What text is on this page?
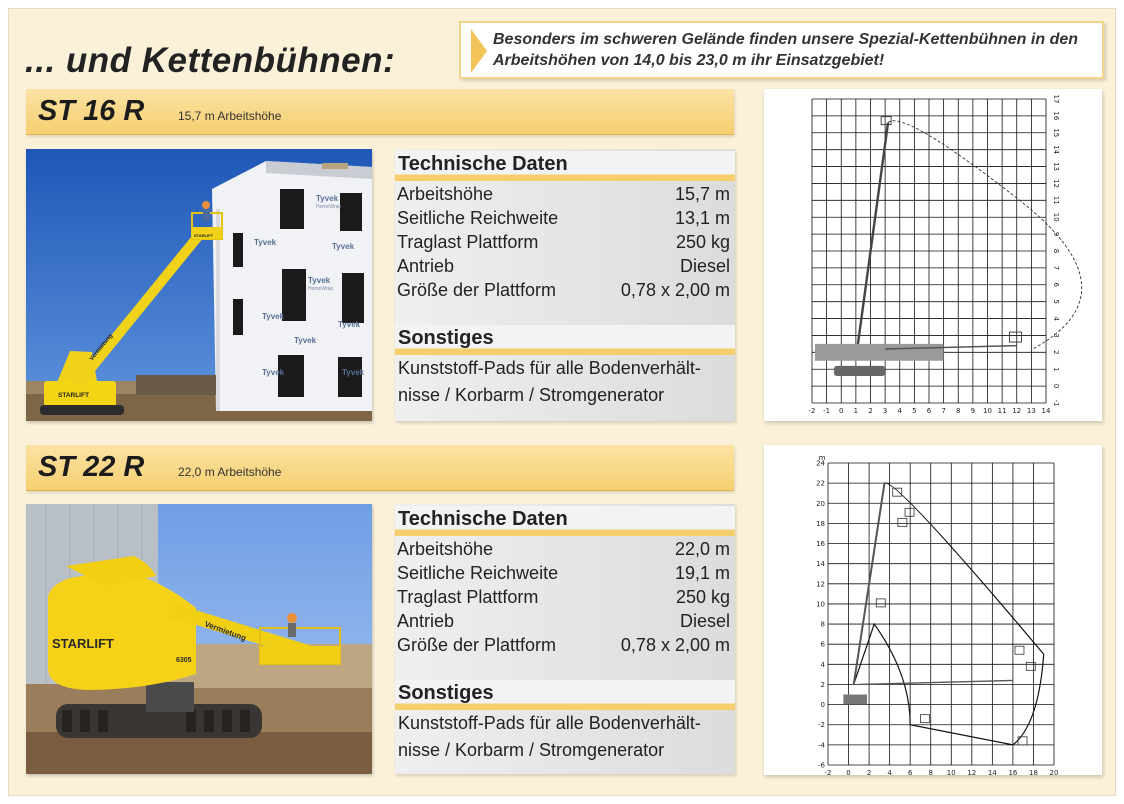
... und Kettenbühnen:
Besonders im schweren Gelände finden unsere Spezial-Kettenbühnen in den Arbeitshöhen von 14,0 bis 23,0 m ihr Einsatzgebiet!
ST 16 R	15,7 m Arbeitshöhe
Tyvek
Tyvek	Tyvek
Tyvek
Tyvek
Tyvek
Tyvek
Tyvek	Tyvek
HomeWrap
HomeWrap
STARLIFT
Vermietung
STARLIFT
Technische Daten
Arbeitshöhe	15,7 m
Seitliche Reichweite	13,1 m
Traglast Plattform	250 kg
Antrieb	Diesel
Größe der Plattform	0,78 x 2,00 m
Sonstiges
Kunststoff-Pads für alle Bodenverhält-
nisse / Korbarm / Stromgenerator
-2 -1 0 1 2 3 4 5 6 7 8 9 10 11 12 13 14
-1
0
1
2
3
4
5
6
7
8
9
10
11
12
13
14
15
16
17
ST 22 R	22,0 m Arbeitshöhe
STARLIFT
6305
Vermietung
Technische Daten
Arbeitshöhe	22,0 m
Seitliche Reichweite	19,1 m
Traglast Plattform	250 kg
Antrieb	Diesel
Größe der Plattform	0,78 x 2,00 m
Sonstiges
Kunststoff-Pads für alle Bodenverhält-
nisse / Korbarm / Stromgenerator
-2 0 2 4 6 8 10 12 14 16 18 20
-6
-4
-2
0
2
4
6
8
10
12
14
16
18
20
22
24
m
